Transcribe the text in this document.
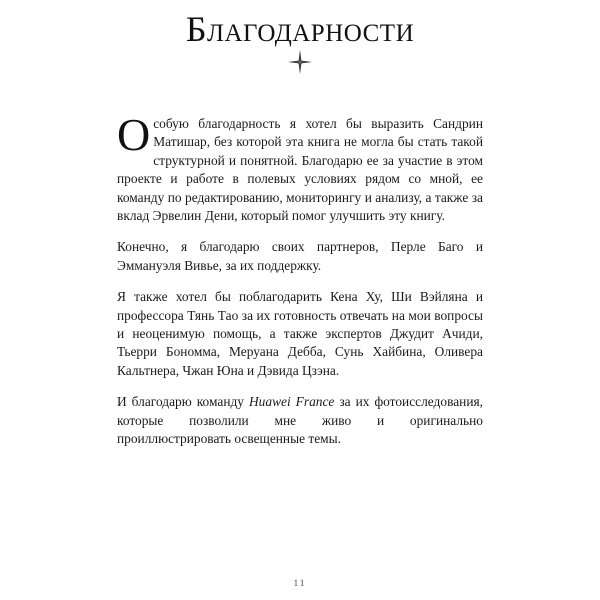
Благодарности

Особую благодарность я хотел бы выразить Сандрин Матишар, без которой эта книга не могла бы стать такой структурной и понятной. Благодарю ее за участие в этом проекте и работе в полевых условиях рядом со мной, ее команду по редактированию, мониторингу и анализу, а также за вклад Эрвелин Дени, который помог улучшить эту книгу.

Конечно, я благодарю своих партнеров, Перле Баго и Эммануэля Вивье, за их поддержку.

Я также хотел бы поблагодарить Кена Ху, Ши Вэйляна и профессора Тянь Тао за их готовность отвечать на мои вопросы и неоценимую помощь, а также экспертов Джудит Ачиди, Тьерри Бономма, Меруана Дебба, Сунь Хайбина, Оливера Кальтнера, Чжан Юна и Дэвида Цзэна.

И благодарю команду Huawei France за их фотоисследования, которые позволили мне живо и оригинально проиллюстрировать освещенные темы.

11
